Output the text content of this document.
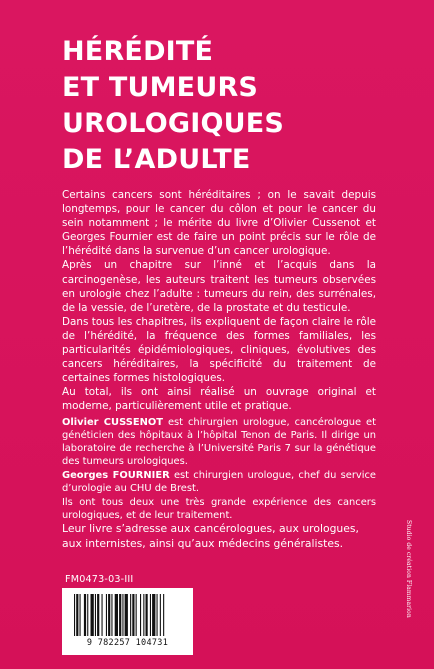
HÉRÉDITÉ
ET TUMEURS
UROLOGIQUES
DE L’ADULTE

Certains cancers sont héréditaires ; on le savait depuis longtemps, pour le cancer du côlon et pour le cancer du sein notamment ; le mérite du livre d’Olivier Cussenot et Georges Fournier est de faire un point précis sur le rôle de l’hérédité dans la survenue d’un cancer urologique.

Après un chapitre sur l’inné et l’acquis dans la carcinogenèse, les auteurs traitent les tumeurs observées en urologie chez l’adulte : tumeurs du rein, des surrénales, de la vessie, de l’uretère, de la prostate et du testicule.

Dans tous les chapitres, ils expliquent de façon claire le rôle de l’hérédité, la fréquence des formes familiales, les particularités épidémiologiques, cliniques, évolutives des cancers héréditaires, la spécificité du traitement de certaines formes histologiques.

Au total, ils ont ainsi réalisé un ouvrage original et moderne, particulièrement utile et pratique.

Olivier CUSSENOT est chirurgien urologue, cancérologue et généticien des hôpitaux à l’hôpital Tenon de Paris. Il dirige un laboratoire de recherche à l’Université Paris 7 sur la génétique des tumeurs urologiques.

Georges FOURNIER est chirurgien urologue, chef du service d’urologie au CHU de Brest.

Ils ont tous deux une très grande expérience des cancers urologiques, et de leur traitement.

Leur livre s’adresse aux cancérologues, aux urologues, aux internistes, ainsi qu’aux médecins généralistes.
FM0473-03-III	Studio de création Flammarion
9 782257 104731
